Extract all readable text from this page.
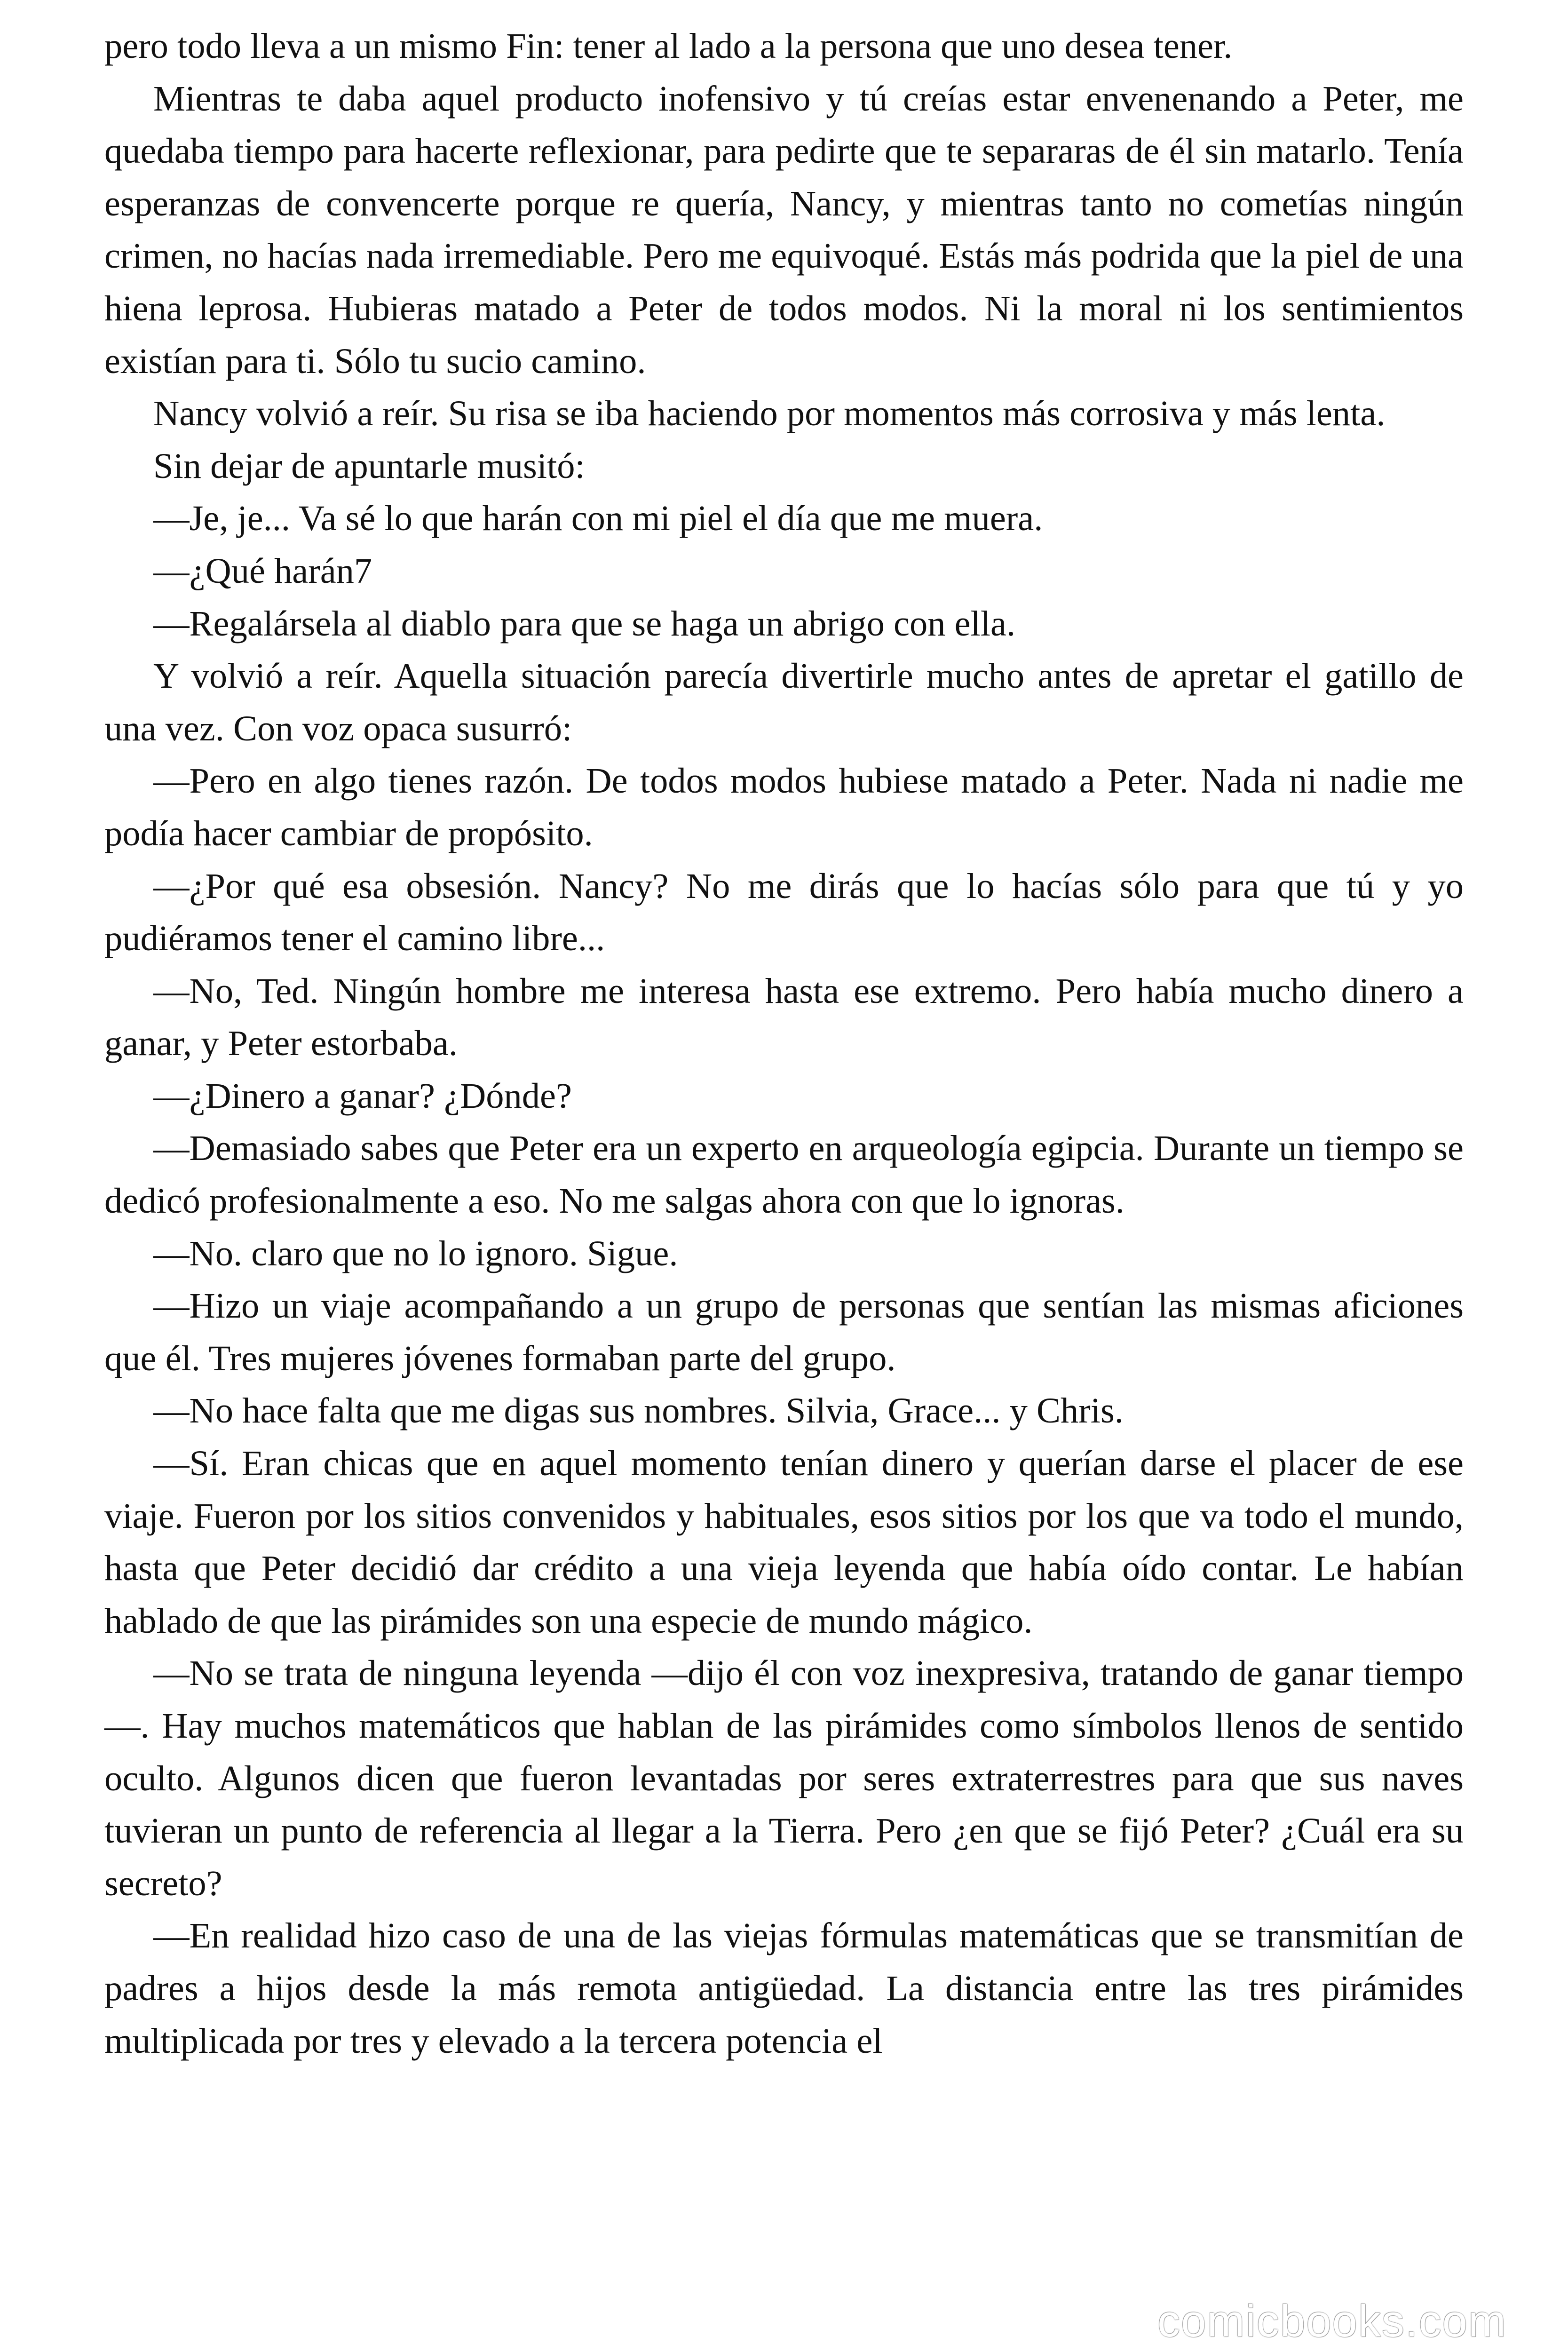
pero todo lleva a un mismo Fin: tener al lado a la persona que uno desea tener.

Mientras te daba aquel producto inofensivo y tú creías estar envenenando a Peter, me quedaba tiempo para hacerte reflexionar, para pedirte que te separaras de él sin matarlo. Tenía esperanzas de convencerte porque re quería, Nancy, y mientras tanto no cometías ningún crimen, no hacías nada irremediable. Pero me equivoqué. Estás más podrida que la piel de una hiena leprosa. Hubieras matado a Peter de todos modos. Ni la moral ni los sentimientos existían para ti. Sólo tu sucio camino.

Nancy volvió a reír. Su risa se iba haciendo por momentos más corrosiva y más lenta.

Sin dejar de apuntarle musitó:

—Je, je... Va sé lo que harán con mi piel el día que me muera.

—¿Qué harán7

—Regalársela al diablo para que se haga un abrigo con ella.

Y volvió a reír. Aquella situación parecía divertirle mucho antes de apretar el gatillo de una vez. Con voz opaca susurró:

—Pero en algo tienes razón. De todos modos hubiese matado a Peter. Nada ni nadie me podía hacer cambiar de propósito.

—¿Por qué esa obsesión. Nancy? No me dirás que lo hacías sólo para que tú y yo pudiéramos tener el camino libre...

—No, Ted. Ningún hombre me interesa hasta ese extremo. Pero había mucho dinero a ganar, y Peter estorbaba.

—¿Dinero a ganar? ¿Dónde?

—Demasiado sabes que Peter era un experto en arqueología egipcia. Durante un tiempo se dedicó profesionalmente a eso. No me salgas ahora con que lo ignoras.

—No. claro que no lo ignoro. Sigue.

—Hizo un viaje acompañando a un grupo de personas que sentían las mismas aficiones que él. Tres mujeres jóvenes formaban parte del grupo.

—No hace falta que me digas sus nombres. Silvia, Grace... y Chris.

—Sí. Eran chicas que en aquel momento tenían dinero y querían darse el placer de ese viaje. Fueron por los sitios convenidos y habituales, esos sitios por los que va todo el mundo, hasta que Peter decidió dar crédito a una vieja leyenda que había oído contar. Le habían hablado de que las pirámides son una especie de mundo mágico.

—No se trata de ninguna leyenda —dijo él con voz inexpresiva, tratando de ganar tiempo—. Hay muchos matemáticos que hablan de las pirámides como símbolos llenos de sentido oculto. Algunos dicen que fueron levantadas por seres extraterrestres para que sus naves tuvieran un punto de referencia al llegar a la Tierra. Pero ¿en que se fijó Peter? ¿Cuál era su secreto?

—En realidad hizo caso de una de las viejas fórmulas matemáticas que se transmitían de padres a hijos desde la más remota antigüedad. La distancia entre las tres pirámides multiplicada por tres y elevado a la tercera potencia el

comicbooks.com
